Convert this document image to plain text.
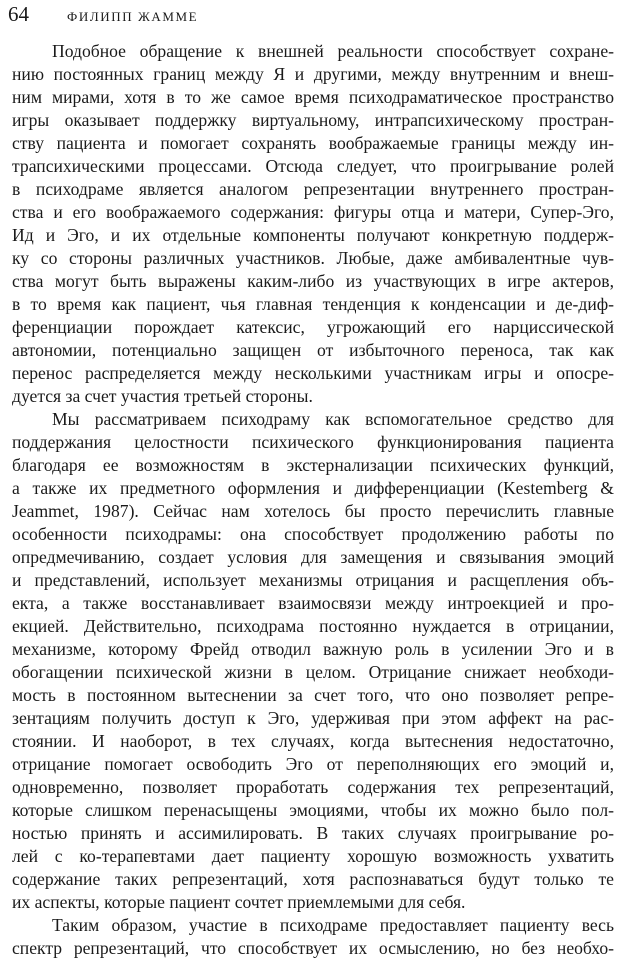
64	ФИЛИПП ЖАММЕ
Подобное обращение к внешней реальности способствует сохране-
нию постоянных границ между Я и другими, между внутренним и внеш-
ним мирами, хотя в то же самое время психодраматическое пространство
игры оказывает поддержку виртуальному, интрапсихическому простран-
ству пациента и помогает сохранять воображаемые границы между ин-
трапсихическими процессами. Отсюда следует, что проигрывание ролей
в психодраме является аналогом репрезентации внутреннего простран-
ства и его воображаемого содержания: фигуры отца и матери, Супер-Эго,
Ид и Эго, и их отдельные компоненты получают конкретную поддерж-
ку со стороны различных участников. Любые, даже амбивалентные чув-
ства могут быть выражены каким-либо из участвующих в игре актеров,
в то время как пациент, чья главная тенденция к конденсации и де-диф-
ференциации порождает катексис, угрожающий его нарциссической
автономии, потенциально защищен от избыточного переноса, так как
перенос распределяется между несколькими участникам игры и опосре-
дуется за счет участия третьей стороны.
Мы рассматриваем психодраму как вспомогательное средство для
поддержания целостности психического функционирования пациента
благодаря ее возможностям в экстернализации психических функций,
а также их предметного оформления и дифференциации (Kestemberg &
Jeammet, 1987). Сейчас нам хотелось бы просто перечислить главные
особенности психодрамы: она способствует продолжению работы по
опредмечиванию, создает условия для замещения и связывания эмоций
и представлений, использует механизмы отрицания и расщепления объ-
екта, а также восстанавливает взаимосвязи между интроекцией и про-
екцией. Действительно, психодрама постоянно нуждается в отрицании,
механизме, которому Фрейд отводил важную роль в усилении Эго и в
обогащении психической жизни в целом. Отрицание снижает необходи-
мость в постоянном вытеснении за счет того, что оно позволяет репре-
зентациям получить доступ к Эго, удерживая при этом аффект на рас-
стоянии. И наоборот, в тех случаях, когда вытеснения недостаточно,
отрицание помогает освободить Эго от переполняющих его эмоций и,
одновременно, позволяет проработать содержания тех репрезентаций,
которые слишком перенасыщены эмоциями, чтобы их можно было пол-
ностью принять и ассимилировать. В таких случаях проигрывание ро-
лей с ко-терапевтами дает пациенту хорошую возможность ухватить
содержание таких репрезентаций, хотя распознаваться будут только те
их аспекты, которые пациент сочтет приемлемыми для себя.
Таким образом, участие в психодраме предоставляет пациенту весь
спектр репрезентаций, что способствует их осмыслению, но без необхо-
